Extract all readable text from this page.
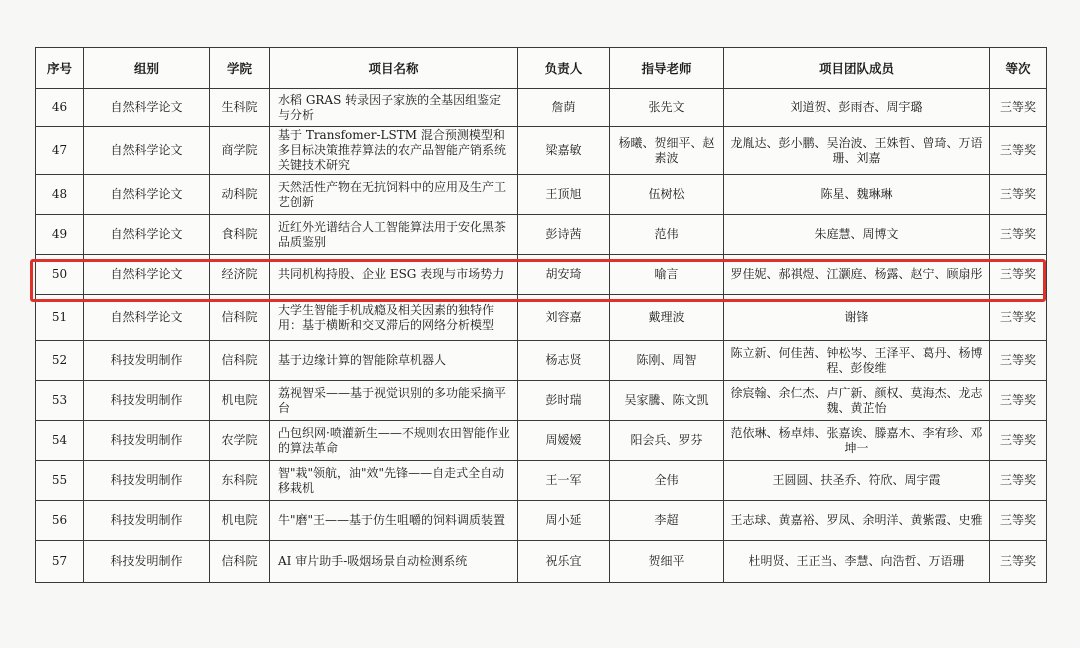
序号	组别	学院	项目名称	负责人	指导老师	项目团队成员	等次
46	自然科学论文	生科院	水稻 GRAS 转录因子家族的全基因组鉴定与分析	詹荫	张先文	刘道贺、彭雨杏、周宇璐	三等奖
47	自然科学论文	商学院	基于 Transfomer-LSTM 混合预测模型和多目标决策推荐算法的农产品智能产销系统关键技术研究	梁嘉敏	杨曦、贺细平、赵素波	龙胤达、彭小鹏、吴治波、王姝哲、曾琦、万语珊、刘嘉	三等奖
48	自然科学论文	动科院	天然活性产物在无抗饲料中的应用及生产工艺创新	王顶旭	伍树松	陈星、魏琳琳	三等奖
49	自然科学论文	食科院	近红外光谱结合人工智能算法用于安化黑茶品质鉴别	彭诗茜	范伟	朱庭慧、周博文	三等奖
50	自然科学论文	经济院	共同机构持股、企业 ESG 表现与市场势力	胡安琦	喻言	罗佳妮、郝祺煜、江灏庭、杨露、赵宁、顾扇彤	三等奖
51	自然科学论文	信科院	大学生智能手机成瘾及相关因素的独特作用：基于横断和交叉滞后的网络分析模型	刘容嘉	戴理波	谢锋	三等奖
52	科技发明制作	信科院	基于边缘计算的智能除草机器人	杨志贤	陈刚、周智	陈立新、何佳茜、钟松岑、王泽平、葛丹、杨博程、彭俊维	三等奖
53	科技发明制作	机电院	荔视智采——基于视觉识别的多功能采摘平台	彭时瑞	吴家騰、陈文凯	徐宸翰、余仁杰、卢广新、颜权、莫海杰、龙志魏、黄芷怡	三等奖
54	科技发明制作	农学院	凸包织网·喷灌新生——不规则农田智能作业的算法革命	周嫒嫒	阳会兵、罗芬	范依琳、杨卓炜、张嘉诶、滕嘉木、李宥珍、邓坤一	三等奖
55	科技发明制作	东科院	智"栽"领航，油"效"先锋——自走式全自动移栽机	王一军	全伟	王圆圆、扶圣乔、符欣、周宇霞	三等奖
56	科技发明制作	机电院	牛"磨"王——基于仿生咀嚼的饲料调质装置	周小延	李超	王志球、黄嘉裕、罗凤、余明洋、黄紫霞、史雅	三等奖
57	科技发明制作	信科院	AI 审片助手-吸烟场景自动检测系统	祝乐宜	贺细平	杜明贤、王正当、李慧、向浩哲、万语珊	三等奖
